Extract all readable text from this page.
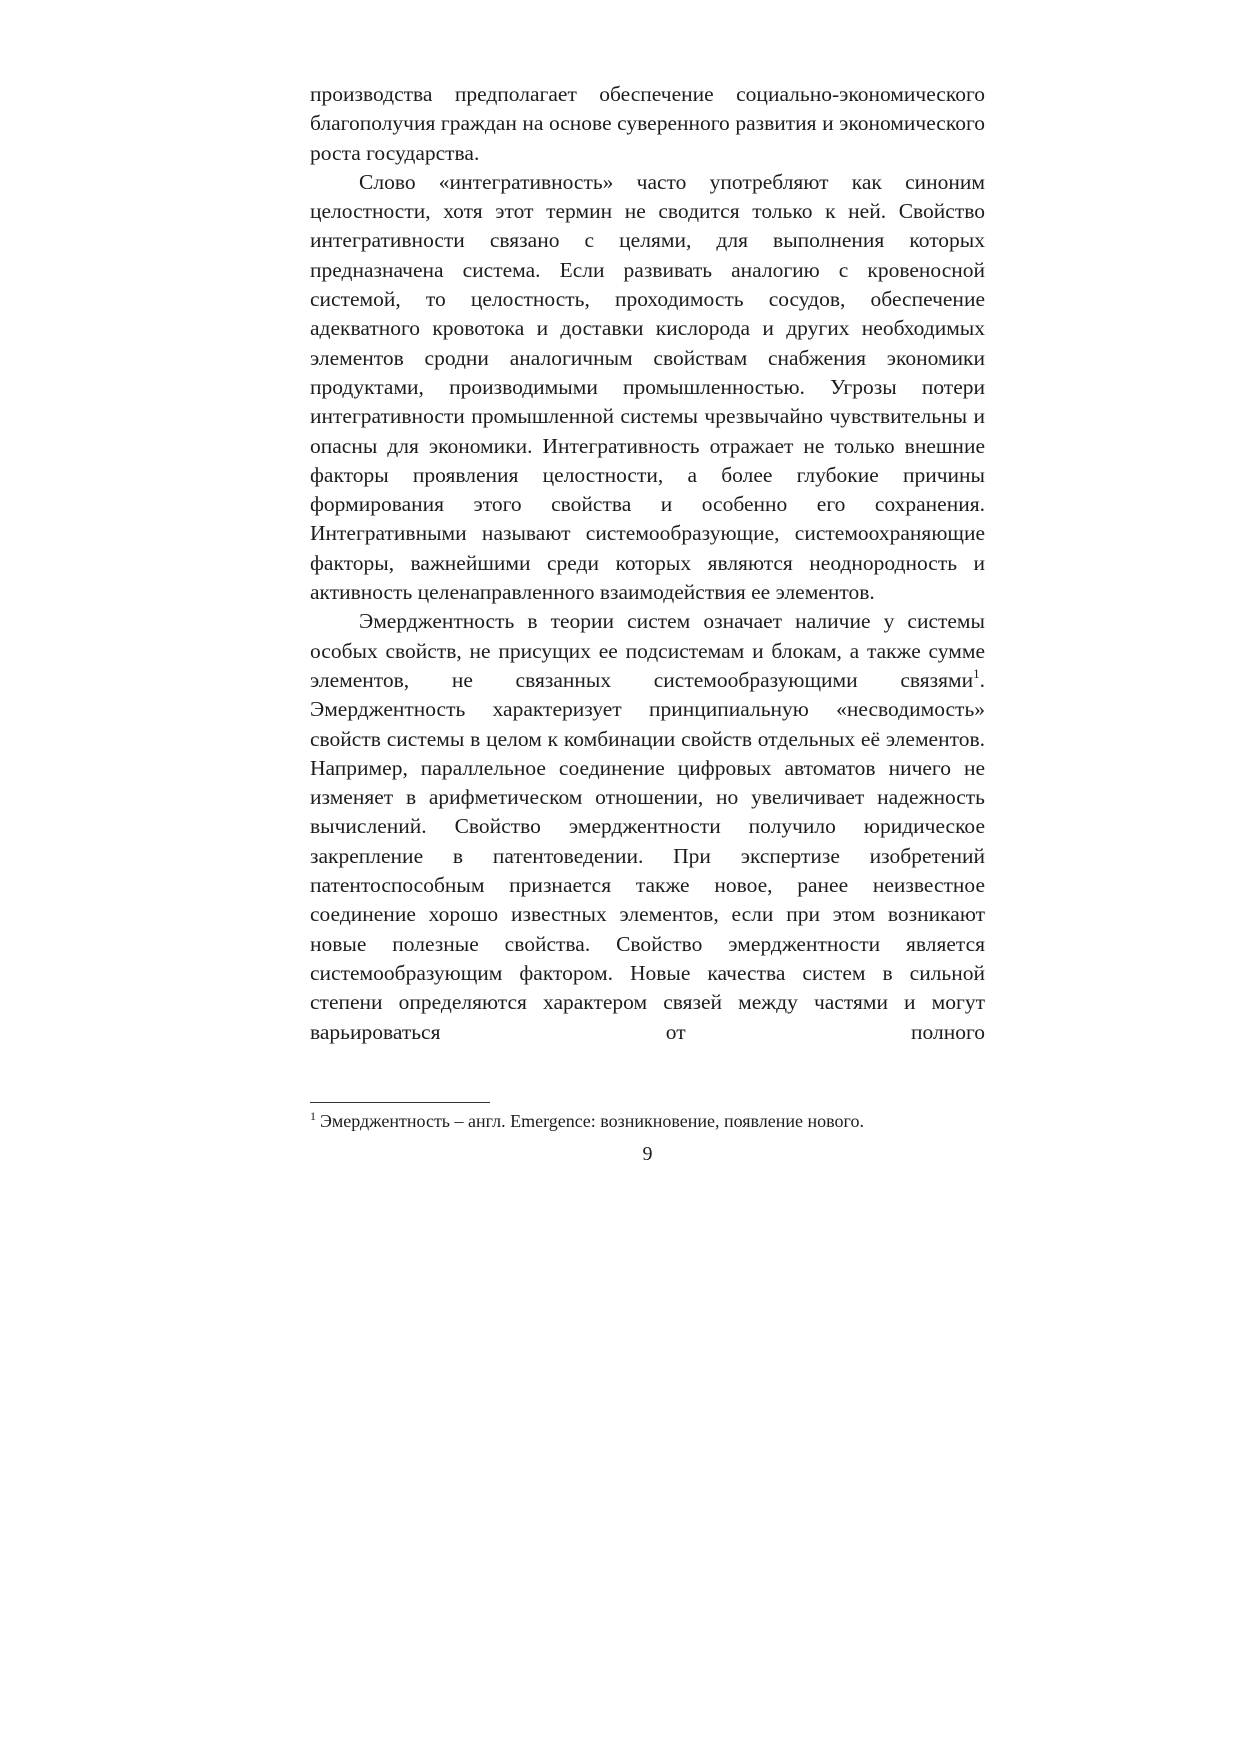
производства предполагает обеспечение социально-экономического благополучия граждан на основе суверенного развития и экономического роста государства.

Слово «интегративность» часто употребляют как синоним целостности, хотя этот термин не сводится только к ней. Свойство интегративности связано с целями, для выполнения которых предназначена система. Если развивать аналогию с кровеносной системой, то целостность, проходимость сосудов, обеспечение адекватного кровотока и доставки кислорода и других необходимых элементов сродни аналогичным свойствам снабжения экономики продуктами, производимыми промышленностью. Угрозы потери интегративности промышленной системы чрезвычайно чувствительны и опасны для экономики. Интегративность отражает не только внешние факторы проявления целостности, а более глубокие причины формирования этого свойства и особенно его сохранения. Интегративными называют системообразующие, системоохраняющие факторы, важнейшими среди которых являются неоднородность и активность целенаправленного взаимодействия ее элементов.

Эмерджентность в теории систем означает наличие у системы особых свойств, не присущих ее подсистемам и блокам, а также сумме элементов, не связанных системообразующими связями$^1$. Эмерджентность характеризует принципиальную «несводимость» свойств системы в целом к комбинации свойств отдельных её элементов. Например, параллельное соединение цифровых автоматов ничего не изменяет в арифметическом отношении, но увеличивает надежность вычислений. Свойство эмерджентности получило юридическое закрепление в патентоведении. При экспертизе изобретений патентоспособным признается также новое, ранее неизвестное соединение хорошо известных элементов, если при этом возникают новые полезные свойства. Свойство эмерджентности является системообразующим фактором. Новые качества систем в сильной степени определяются характером связей между частями и могут варьироваться от полного

$^1$ Эмерджентность – англ. Emergence: возникновение, появление нового.
9
